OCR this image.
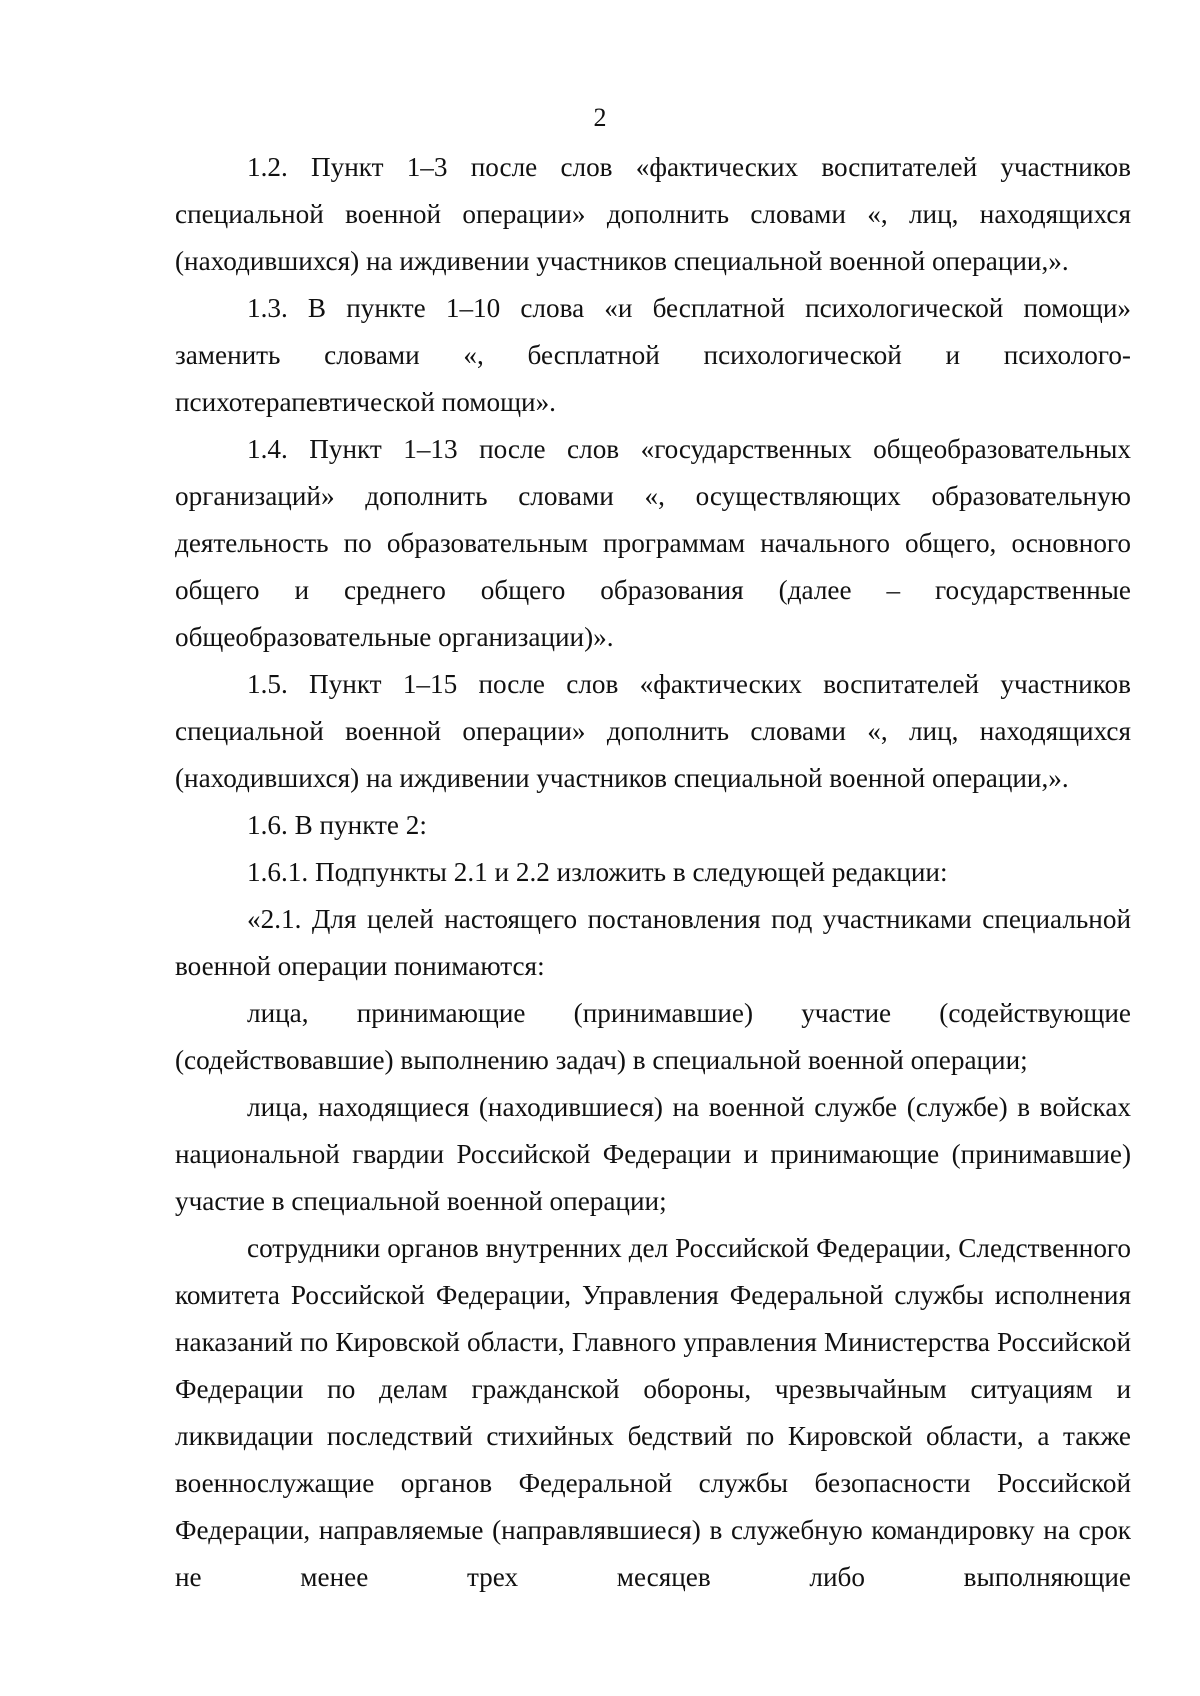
2

1.2. Пункт 1–3 после слов «фактических воспитателей участников специальной военной операции» дополнить словами «, лиц, находящихся (находившихся) на иждивении участников специальной военной операции,».

1.3. В пункте 1–10 слова «и бесплатной психологической помощи» заменить словами «, бесплатной психологической и психолого-психотерапевтической помощи».

1.4. Пункт 1–13 после слов «государственных общеобразовательных организаций» дополнить словами «, осуществляющих образовательную деятельность по образовательным программам начального общего, основного общего и среднего общего образования (далее – государственные общеобразовательные организации)».

1.5. Пункт 1–15 после слов «фактических воспитателей участников специальной военной операции» дополнить словами «, лиц, находящихся (находившихся) на иждивении участников специальной военной операции,».

1.6. В пункте 2:

1.6.1. Подпункты 2.1 и 2.2 изложить в следующей редакции:

«2.1. Для целей настоящего постановления под участниками специальной военной операции понимаются:

лица, принимающие (принимавшие) участие (содействующие (содействовавшие) выполнению задач) в специальной военной операции;

лица, находящиеся (находившиеся) на военной службе (службе) в войсках национальной гвардии Российской Федерации и принимающие (принимавшие) участие в специальной военной операции;

сотрудники органов внутренних дел Российской Федерации, Следственного комитета Российской Федерации, Управления Федеральной службы исполнения наказаний по Кировской области, Главного управления Министерства Российской Федерации по делам гражданской обороны, чрезвычайным ситуациям и ликвидации последствий стихийных бедствий по Кировской области, а также военнослужащие органов Федеральной службы безопасности Российской Федерации, направляемые (направлявшиеся) в служебную командировку на срок не менее трех месяцев либо выполняющие
